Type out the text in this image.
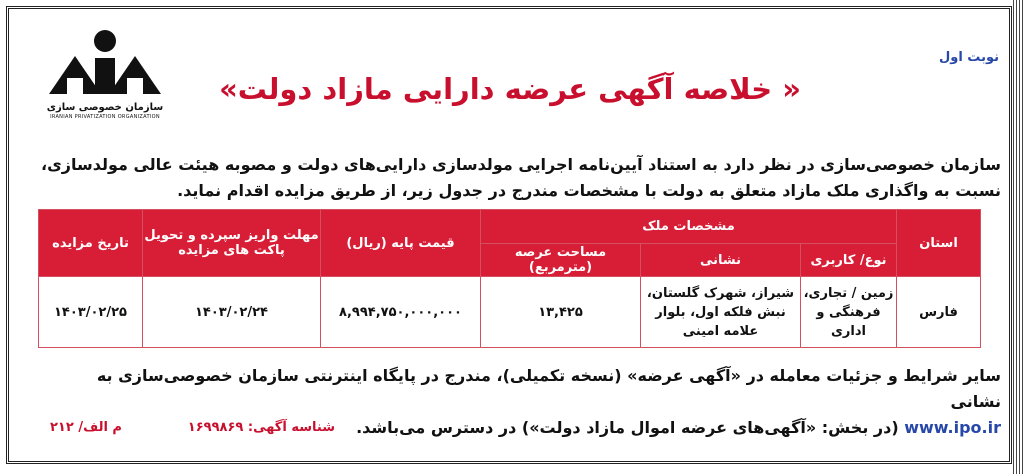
سازمان خصوصی سازی
IRANIAN PRIVATIZATION ORGANIZATION
نوبت اول
« خلاصه آگهی عرضه دارایی مازاد دولت»
سازمان خصوصی‌سازی در نظر دارد به استناد آیین‌نامه اجرایی مولدسازی دارایی‌های دولت و مصوبه هیئت عالی مولدسازی،
نسبت به واگذاری ملک مازاد متعلق به دولت با مشخصات مندرج در جدول زیر، از طریق مزایده اقدام نماید.
استان	مشخصات ملک			قیمت پایه (ریال)	مهلت واریز سپرده و تحویل پاکت های مزایده	تاریخ مزایده
	نوع/ کاربری	نشانی	مساحت عرصه (مترمربع)			
فارس	زمین / تجاری، فرهنگی و اداری	شیراز، شهرک گلستان، نبش فلکه اول، بلوار علامه امینی	۱۳,۴۲۵	۸,۹۹۴,۷۵۰,۰۰۰,۰۰۰	۱۴۰۳/۰۲/۲۴	۱۴۰۳/۰۲/۲۵
سایر شرایط و جزئیات معامله در «آگهی عرضه» (نسخه تکمیلی)، مندرج در پایگاه اینترنتی سازمان خصوصی‌سازی به نشانی
www.ipo.ir (در بخش: «آگهی‌های عرضه اموال مازاد دولت») در دسترس می‌باشد.
شناسه آگهی: ۱۶۹۹۸۶۹
م الف/ ۲۱۲
